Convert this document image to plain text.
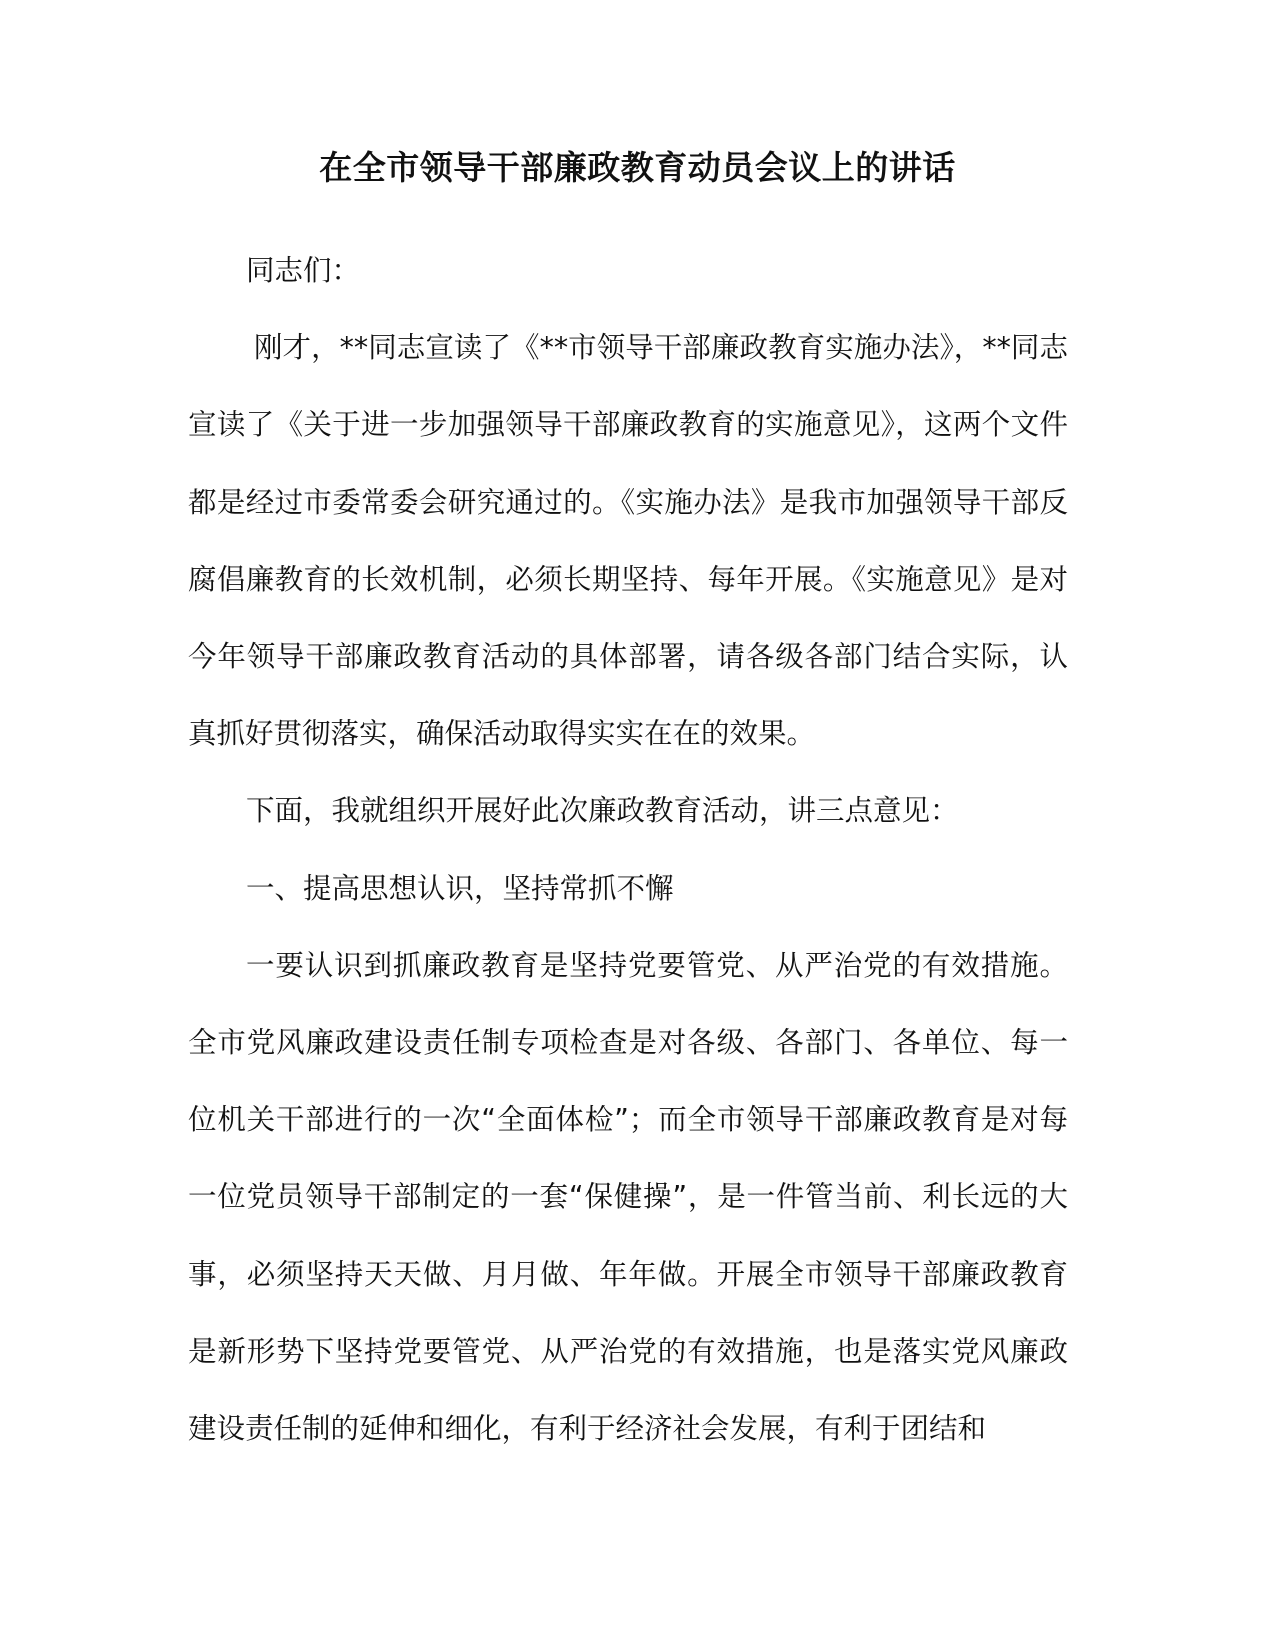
在全市领导干部廉政教育动员会议上的讲话

同志们：

刚才，**同志宣读了《**市领导干部廉政教育实施办法》，**同志宣读了《关于进一步加强领导干部廉政教育的实施意见》，这两个文件都是经过市委常委会研究通过的。《实施办法》是我市加强领导干部反腐倡廉教育的长效机制，必须长期坚持、每年开展。《实施意见》是对今年领导干部廉政教育活动的具体部署，请各级各部门结合实际，认真抓好贯彻落实，确保活动取得实实在在的效果。

下面，我就组织开展好此次廉政教育活动，讲三点意见：

一、提高思想认识，坚持常抓不懈

一要认识到抓廉政教育是坚持党要管党、从严治党的有效措施。全市党风廉政建设责任制专项检查是对各级、各部门、各单位、每一位机关干部进行的一次“全面体检”；而全市领导干部廉政教育是对每一位党员领导干部制定的一套“保健操”，是一件管当前、利长远的大事，必须坚持天天做、月月做、年年做。开展全市领导干部廉政教育是新形势下坚持党要管党、从严治党的有效措施，也是落实党风廉政建设责任制的延伸和细化，有利于经济社会发展，有利于团结和
